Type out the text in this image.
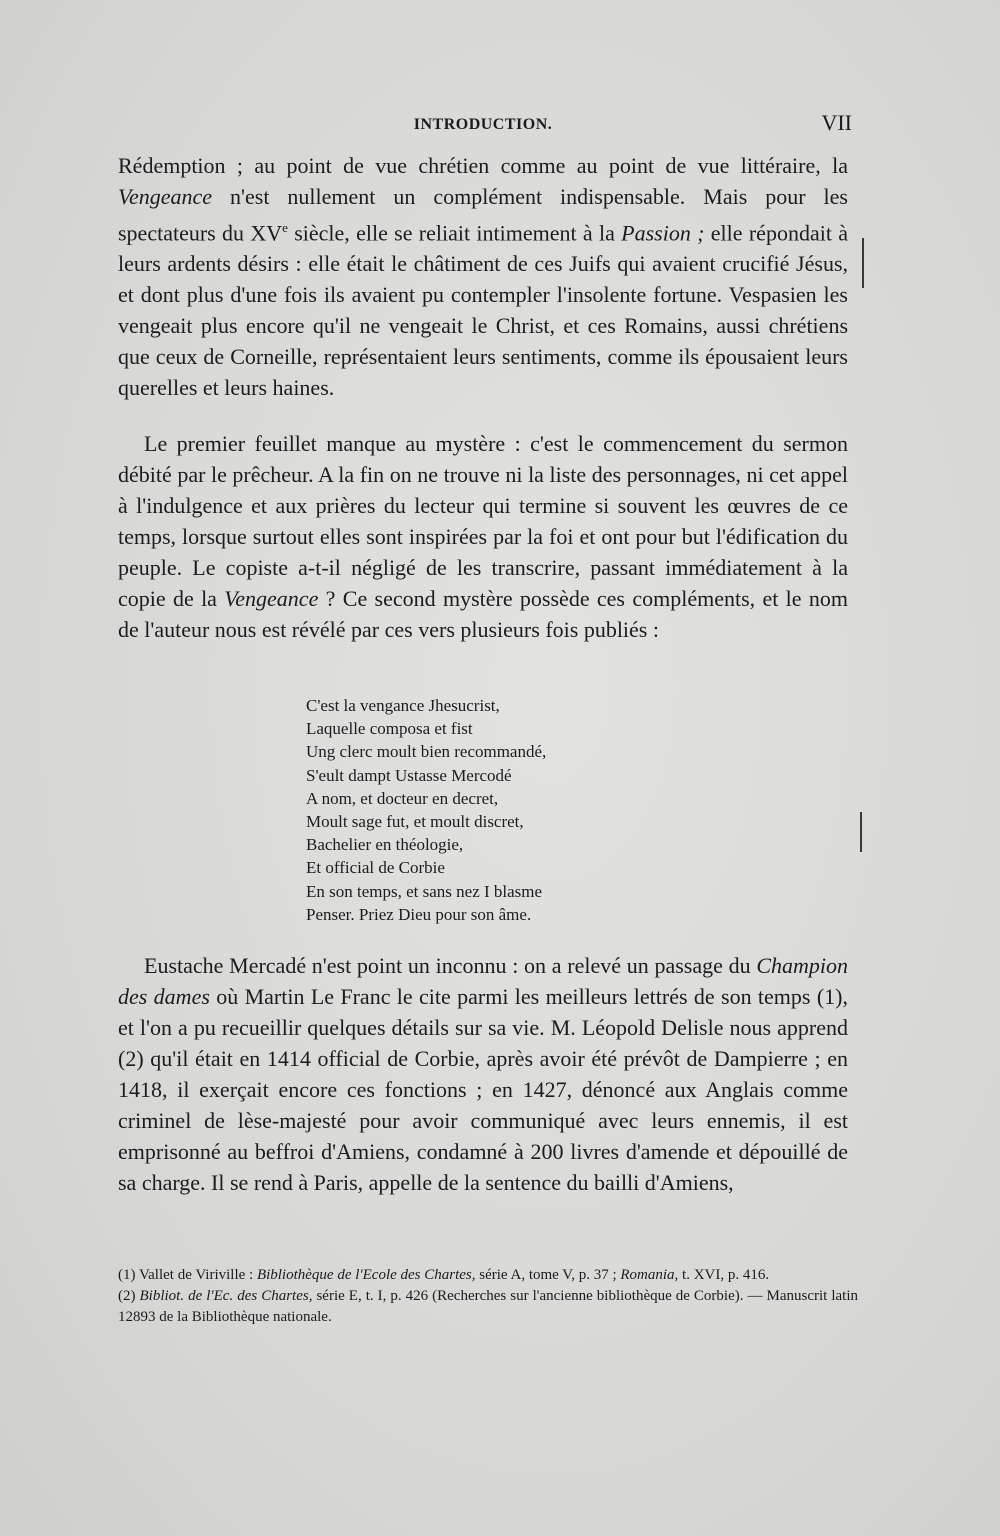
INTRODUCTION.	VII

Rédemption ; au point de vue chrétien comme au point de vue littéraire, la Vengeance n'est nullement un complément indispensable. Mais pour les spectateurs du XVe siècle, elle se reliait intimement à la Passion ; elle répondait à leurs ardents désirs : elle était le châtiment de ces Juifs qui avaient crucifié Jésus, et dont plus d'une fois ils avaient pu contempler l'insolente fortune. Vespasien les vengeait plus encore qu'il ne vengeait le Christ, et ces Romains, aussi chrétiens que ceux de Corneille, représentaient leurs sentiments, comme ils épousaient leurs querelles et leurs haines.

Le premier feuillet manque au mystère : c'est le commencement du sermon débité par le prêcheur. A la fin on ne trouve ni la liste des personnages, ni cet appel à l'indulgence et aux prières du lecteur qui termine si souvent les œuvres de ce temps, lorsque surtout elles sont inspirées par la foi et ont pour but l'édification du peuple. Le copiste a-t-il négligé de les transcrire, passant immédiatement à la copie de la Vengeance ? Ce second mystère possède ces compléments, et le nom de l'auteur nous est révélé par ces vers plusieurs fois publiés :

C'est la vengance Jhesucrist,
Laquelle composa et fist
Ung clerc moult bien recommandé,
S'eult dampt Ustasse Mercodé
A nom, et docteur en decret,
Moult sage fut, et moult discret,
Bachelier en théologie,
Et official de Corbie
En son temps, et sans nez I blasme
Penser. Priez Dieu pour son âme.

Eustache Mercadé n'est point un inconnu : on a relevé un passage du Champion des dames où Martin Le Franc le cite parmi les meilleurs lettrés de son temps (1), et l'on a pu recueillir quelques détails sur sa vie. M. Léopold Delisle nous apprend (2) qu'il était en 1414 official de Corbie, après avoir été prévôt de Dampierre ; en 1418, il exerçait encore ces fonctions ; en 1427, dénoncé aux Anglais comme criminel de lèse-majesté pour avoir communiqué avec leurs ennemis, il est emprisonné au beffroi d'Amiens, condamné à 200 livres d'amende et dépouillé de sa charge. Il se rend à Paris, appelle de la sentence du bailli d'Amiens,

(1) Vallet de Viriville : Bibliothèque de l'Ecole des Chartes, série A, tome V, p. 37 ; Romania, t. XVI, p. 416.

(2) Bibliot. de l'Ec. des Chartes, série E, t. I, p. 426 (Recherches sur l'ancienne bibliothèque de Corbie). — Manuscrit latin 12893 de la Bibliothèque nationale.
